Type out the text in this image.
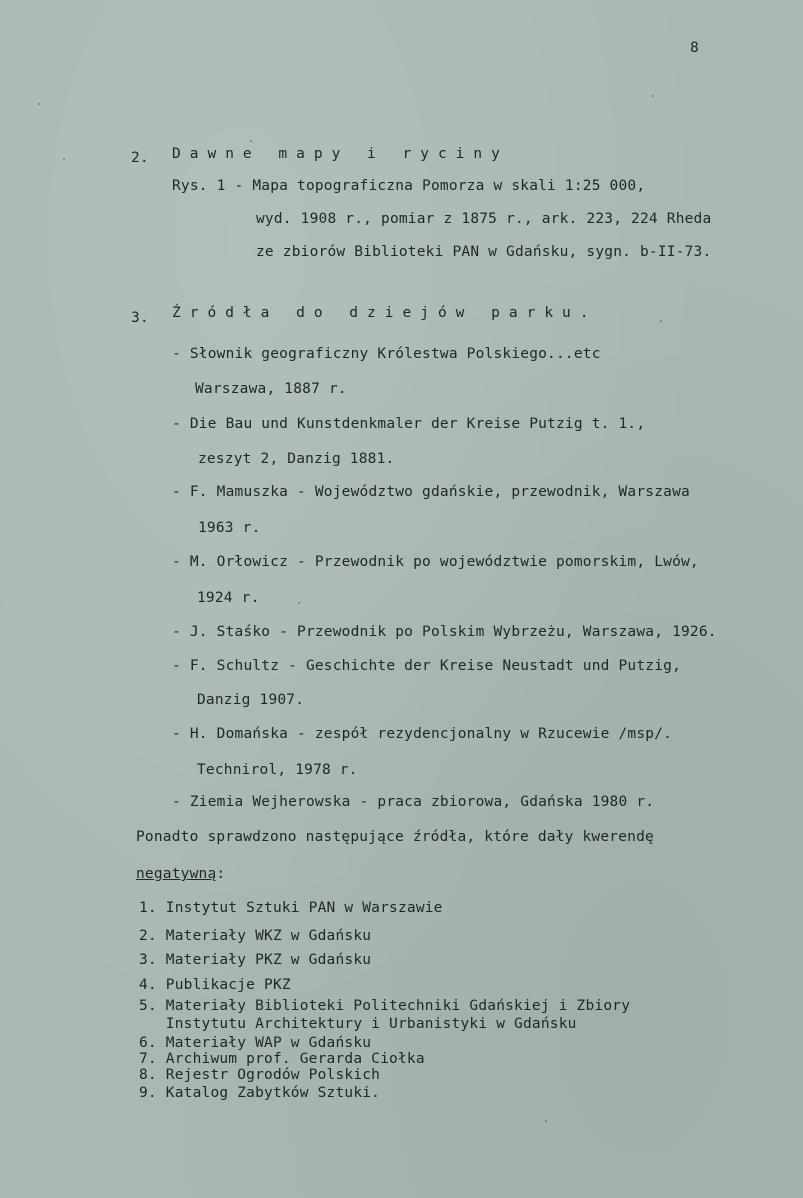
8
2. Dawne mapy i ryciny
Rys. 1 - Mapa topograficzna Pomorza w skali 1:25 000,
wyd. 1908 r., pomiar z 1875 r., ark. 223, 224 Rheda
ze zbiorów Biblioteki PAN w Gdańsku, sygn. b-II-73.
3. Źródła do dziejów parku.
- Słownik geograficzny Królestwa Polskiego...etc
Warszawa, 1887 r.
- Die Bau und Kunstdenkmaler der Kreise Putzig t. 1.,
zeszyt 2, Danzig 1881.
- F. Mamuszka - Województwo gdańskie, przewodnik, Warszawa
1963 r.
- M. Orłowicz - Przewodnik po województwie pomorskim, Lwów,
1924 r.
- J. Staśko - Przewodnik po Polskim Wybrzeżu, Warszawa, 1926.
- F. Schultz - Geschichte der Kreise Neustadt und Putzig,
Danzig 1907.
- H. Domańska - zespół rezydencjonalny w Rzucewie /msp/.
Technirol, 1978 r.
- Ziemia Wejherowska - praca zbiorowa, Gdańska 1980 r.
Ponadto sprawdzono następujące źródła, które dały kwerendę
negatywną:
1. Instytut Sztuki PAN w Warszawie
2. Materiały WKZ w Gdańsku
3. Materiały PKZ w Gdańsku
4. Publikacje PKZ
5. Materiały Biblioteki Politechniki Gdańskiej i Zbiory
Instytutu Architektury i Urbanistyki w Gdańsku
6. Materiały WAP w Gdańsku
7. Archiwum prof. Gerarda Ciołka
8. Rejestr Ogrodów Polskich
9. Katalog Zabytków Sztuki.
